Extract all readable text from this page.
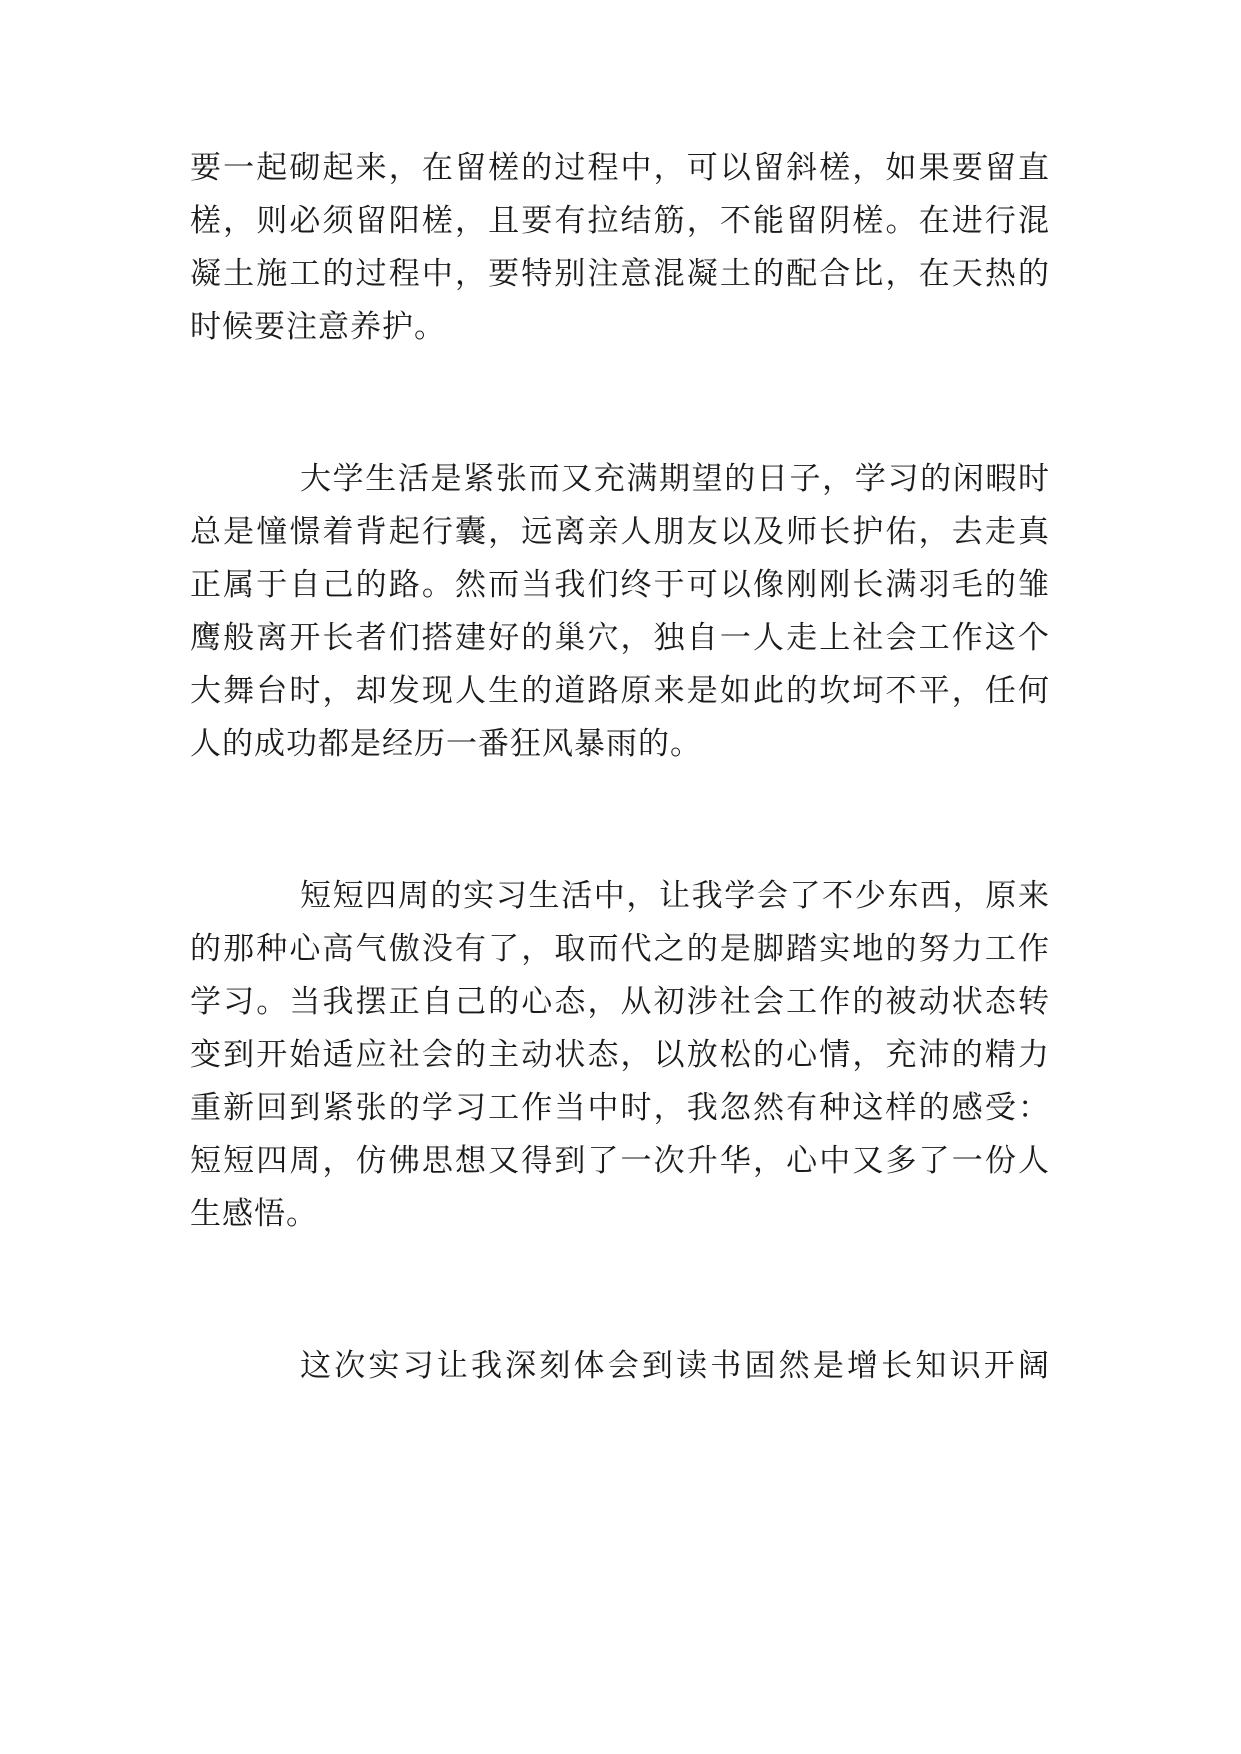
要一起砌起来，在留槎的过程中，可以留斜槎，如果要留直
槎，则必须留阳槎，且要有拉结筋，不能留阴槎。在进行混
凝土施工的过程中，要特别注意混凝土的配合比，在天热的
时候要注意养护。
大学生活是紧张而又充满期望的日子，学习的闲暇时
总是憧憬着背起行囊，远离亲人朋友以及师长护佑，去走真
正属于自己的路。然而当我们终于可以像刚刚长满羽毛的雏
鹰般离开长者们搭建好的巢穴，独自一人走上社会工作这个
大舞台时，却发现人生的道路原来是如此的坎坷不平，任何
人的成功都是经历一番狂风暴雨的。
短短四周的实习生活中，让我学会了不少东西，原来
的那种心高气傲没有了，取而代之的是脚踏实地的努力工作
学习。当我摆正自己的心态，从初涉社会工作的被动状态转
变到开始适应社会的主动状态，以放松的心情，充沛的精力
重新回到紧张的学习工作当中时，我忽然有种这样的感受：
短短四周，仿佛思想又得到了一次升华，心中又多了一份人
生感悟。
这次实习让我深刻体会到读书固然是增长知识开阔
